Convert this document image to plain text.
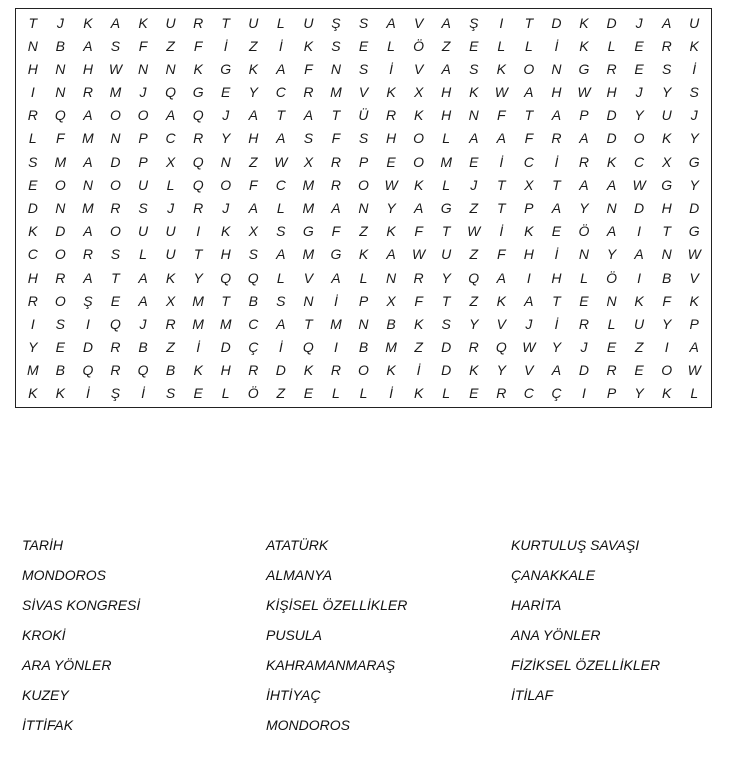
T	J	K	A	K	U	R	T	U	L	U	Ş	S	A	V	A	Ş	I	T	D	K	D	J	A	U
N	B	A	S	F	Z	F	İ	Z	İ	K	S	E	L	Ö	Z	E	L	L	İ	K	L	E	R	K
H	N	H	W	N	N	K	G	K	A	F	N	S	İ	V	A	S	K	O	N	G	R	E	S	İ
I	N	R	M	J	Q	G	E	Y	C	R	M	V	K	X	H	K	W	A	H	W	H	J	Y	S
R	Q	A	O	O	A	Q	J	A	T	A	T	Ü	R	K	H	N	F	T	A	P	D	Y	U	J
L	F	M	N	P	C	R	Y	H	A	S	F	S	H	O	L	A	A	F	R	A	D	O	K	Y
S	M	A	D	P	X	Q	N	Z	W	X	R	P	E	O	M	E	İ	C	İ	R	K	C	X	G
E	O	N	O	U	L	Q	O	F	C	M	R	O	W	K	L	J	T	X	T	A	A	W	G	Y
D	N	M	R	S	J	R	J	A	L	M	A	N	Y	A	G	Z	T	P	A	Y	N	D	H	D
K	D	A	O	U	U	I	K	X	S	G	F	Z	K	F	T	W	İ	K	E	Ö	A	I	T	G
C	O	R	S	L	U	T	H	S	A	M	G	K	A	W	U	Z	F	H	İ	N	Y	A	N	W
H	R	A	T	A	K	Y	Q	Q	L	V	A	L	N	R	Y	Q	A	I	H	L	Ö	I	B	V
R	O	Ş	E	A	X	M	T	B	S	N	İ	P	X	F	T	Z	K	A	T	E	N	K	F	K
I	S	I	Q	J	R	M	M	C	A	T	M	N	B	K	S	Y	V	J	İ	R	L	U	Y	P
Y	E	D	R	B	Z	İ	D	Ç	İ	Q	I	B	M	Z	D	R	Q	W	Y	J	E	Z	I	A
M	B	Q	R	Q	B	K	H	R	D	K	R	O	K	İ	D	K	Y	V	A	D	R	E	O	W
K	K	İ	Ş	İ	S	E	L	Ö	Z	E	L	L	İ	K	L	E	R	C	Ç	I	P	Y	K	L
TARİH	ATATÜRK	KURTULUŞ SAVAŞI
MONDOROS	ALMANYA	ÇANAKKALE
SİVAS KONGRESİ	KİŞİSEL ÖZELLİKLER	HARİTA
KROKİ	PUSULA	ANA YÖNLER
ARA YÖNLER	KAHRAMANMARAŞ	FİZİKSEL ÖZELLİKLER
KUZEY	İHTİYAÇ	İTİLAF
İTTİFAK	MONDOROS
